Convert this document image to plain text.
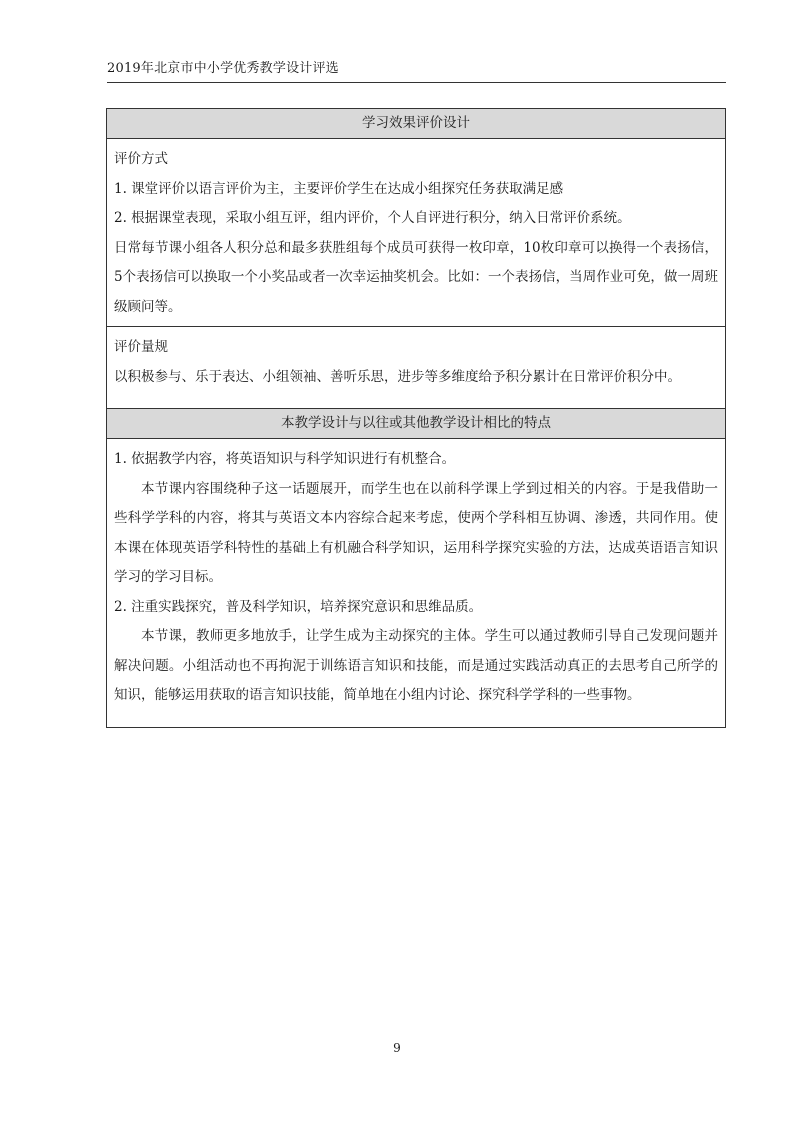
2019年北京市中小学优秀教学设计评选
学习效果评价设计
评价方式
1. 课堂评价以语言评价为主，主要评价学生在达成小组探究任务获取满足感
2. 根据课堂表现，采取小组互评，组内评价，个人自评进行积分，纳入日常评价系统。
日常每节课小组各人积分总和最多获胜组每个成员可获得一枚印章，10枚印章可以换得一个表扬信，5个表扬信可以换取一个小奖品或者一次幸运抽奖机会。比如：一个表扬信，当周作业可免，做一周班级顾问等。
评价量规
以积极参与、乐于表达、小组领袖、善听乐思，进步等多维度给予积分累计在日常评价积分中。
本教学设计与以往或其他教学设计相比的特点
1. 依据教学内容，将英语知识与科学知识进行有机整合。
本节课内容围绕种子这一话题展开，而学生也在以前科学课上学到过相关的内容。于是我借助一些科学学科的内容，将其与英语文本内容综合起来考虑，使两个学科相互协调、渗透，共同作用。使本课在体现英语学科特性的基础上有机融合科学知识，运用科学探究实验的方法，达成英语语言知识学习的学习目标。
2. 注重实践探究，普及科学知识，培养探究意识和思维品质。
本节课，教师更多地放手，让学生成为主动探究的主体。学生可以通过教师引导自己发现问题并解决问题。小组活动也不再拘泥于训练语言知识和技能，而是通过实践活动真正的去思考自己所学的知识，能够运用获取的语言知识技能，简单地在小组内讨论、探究科学学科的一些事物。
9
